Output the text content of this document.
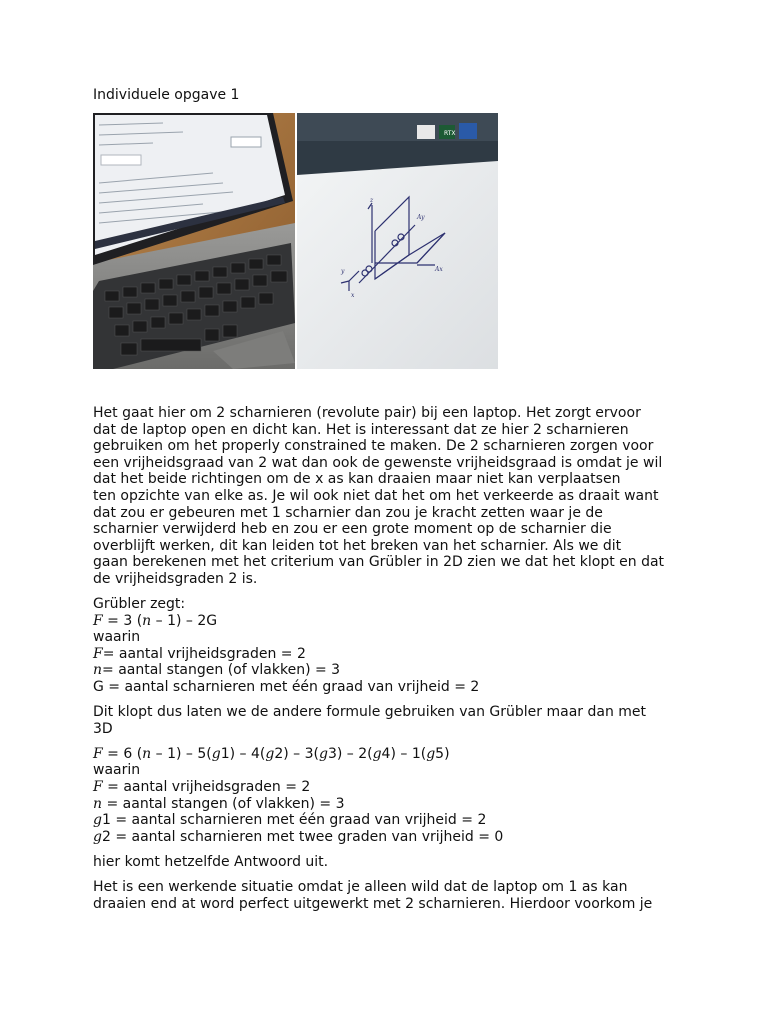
Individuele opgave 1
RTX
z
y
x
Ay
Ax

Het gaat hier om 2 scharnieren (revolute pair) bij een laptop. Het zorgt ervoor
dat de laptop open en dicht kan. Het is interessant dat ze hier 2 scharnieren
gebruiken om het properly constrained te maken. De 2 scharnieren zorgen voor
een vrijheidsgraad van 2 wat dan ook de gewenste vrijheidsgraad is omdat je wil
dat het beide richtingen om de x as kan draaien maar niet kan verplaatsen
ten opzichte van elke as. Je wil ook niet dat het om het verkeerde as draait want
dat zou er gebeuren met 1 scharnier dan zou je kracht zetten waar je de
scharnier verwijderd heb en zou er een grote moment op de scharnier die
overblijft werken, dit kan leiden tot het breken van het scharnier. Als we dit
gaan berekenen met het criterium van Grübler in 2D zien we dat het klopt en dat
de vrijheidsgraden 2 is.

Grübler zegt:
F = 3 (n – 1) – 2G
waarin
F= aantal vrijheidsgraden = 2
n= aantal stangen (of vlakken) = 3
G = aantal scharnieren met één graad van vrijheid = 2

Dit klopt dus laten we de andere formule gebruiken van Grübler maar dan met
3D

F = 6 (n – 1) – 5(g1) – 4(g2) – 3(g3) – 2(g4) – 1(g5)
waarin
F = aantal vrijheidsgraden = 2
n = aantal stangen (of vlakken) = 3
g1 = aantal scharnieren met één graad van vrijheid = 2
g2 = aantal scharnieren met twee graden van vrijheid = 0

hier komt hetzelfde Antwoord uit.

Het is een werkende situatie omdat je alleen wild dat de laptop om 1 as kan
draaien end at word perfect uitgewerkt met 2 scharnieren. Hierdoor voorkom je
